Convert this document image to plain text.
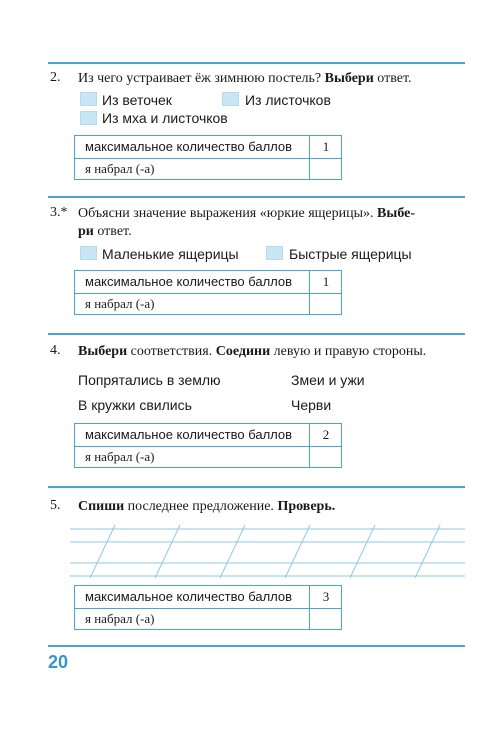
2. Из чего устраивает ёж зимнюю постель? Выбери ответ.
Из веточек	Из листочков
Из мха и листочков
максимальное количество баллов	1
я набрал (-а)
3.* Объясни значение выражения «юркие ящерицы». Выбе-
ри ответ.
Маленькие ящерицы	Быстрые ящерицы
максимальное количество баллов	1
я набрал (-а)
4. Выбери соответствия. Соедини левую и правую стороны.
Попрятались в землю	Змеи и ужи
В кружки свились	Черви
максимальное количество баллов	2
я набрал (-а)
5. Спиши последнее предложение. Проверь.
максимальное количество баллов	3
я набрал (-а)
20
